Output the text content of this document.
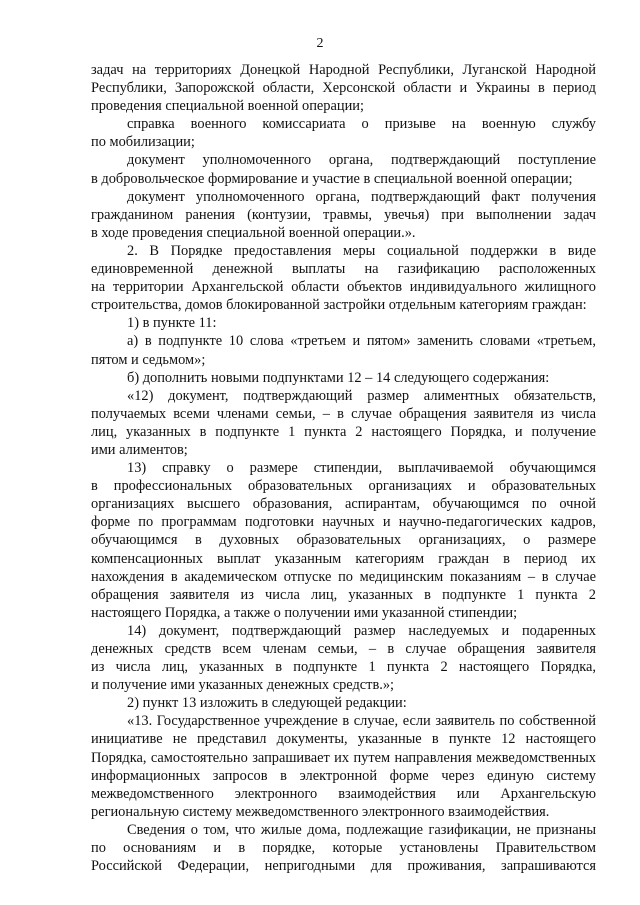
2
задач на территориях Донецкой Народной Республики, Луганской Народной
Республики, Запорожской области, Херсонской области и Украины в период
проведения специальной военной операции;
справка военного комиссариата о призыве на военную службу
по мобилизации;
документ уполномоченного органа, подтверждающий поступление
в добровольческое формирование и участие в специальной военной операции;
документ уполномоченного органа, подтверждающий факт получения
гражданином ранения (контузии, травмы, увечья) при выполнении задач
в ходе проведения специальной военной операции.».
2. В Порядке предоставления меры социальной поддержки в виде
единовременной денежной выплаты на газификацию расположенных
на территории Архангельской области объектов индивидуального жилищного
строительства, домов блокированной застройки отдельным категориям граждан:
1) в пункте 11:
а) в подпункте 10 слова «третьем и пятом» заменить словами «третьем,
пятом и седьмом»;
б) дополнить новыми подпунктами 12 – 14 следующего содержания:
«12) документ, подтверждающий размер алиментных обязательств,
получаемых всеми членами семьи, – в случае обращения заявителя из числа
лиц, указанных в подпункте 1 пункта 2 настоящего Порядка, и получение
ими алиментов;
13) справку о размере стипендии, выплачиваемой обучающимся
в профессиональных образовательных организациях и образовательных
организациях высшего образования, аспирантам, обучающимся по очной
форме по программам подготовки научных и научно-педагогических кадров,
обучающимся в духовных образовательных организациях, о размере
компенсационных выплат указанным категориям граждан в период их
нахождения в академическом отпуске по медицинским показаниям – в случае
обращения заявителя из числа лиц, указанных в подпункте 1 пункта 2
настоящего Порядка, а также о получении ими указанной стипендии;
14) документ, подтверждающий размер наследуемых и подаренных
денежных средств всем членам семьи, – в случае обращения заявителя
из числа лиц, указанных в подпункте 1 пункта 2 настоящего Порядка,
и получение ими указанных денежных средств.»;
2) пункт 13 изложить в следующей редакции:
«13. Государственное учреждение в случае, если заявитель по собственной
инициативе не представил документы, указанные в пункте 12 настоящего
Порядка, самостоятельно запрашивает их путем направления межведомственных
информационных запросов в электронной форме через единую систему
межведомственного электронного взаимодействия или Архангельскую
региональную систему межведомственного электронного взаимодействия.
Сведения о том, что жилые дома, подлежащие газификации, не признаны
по основаниям и в порядке, которые установлены Правительством
Российской Федерации, непригодными для проживания, запрашиваются
